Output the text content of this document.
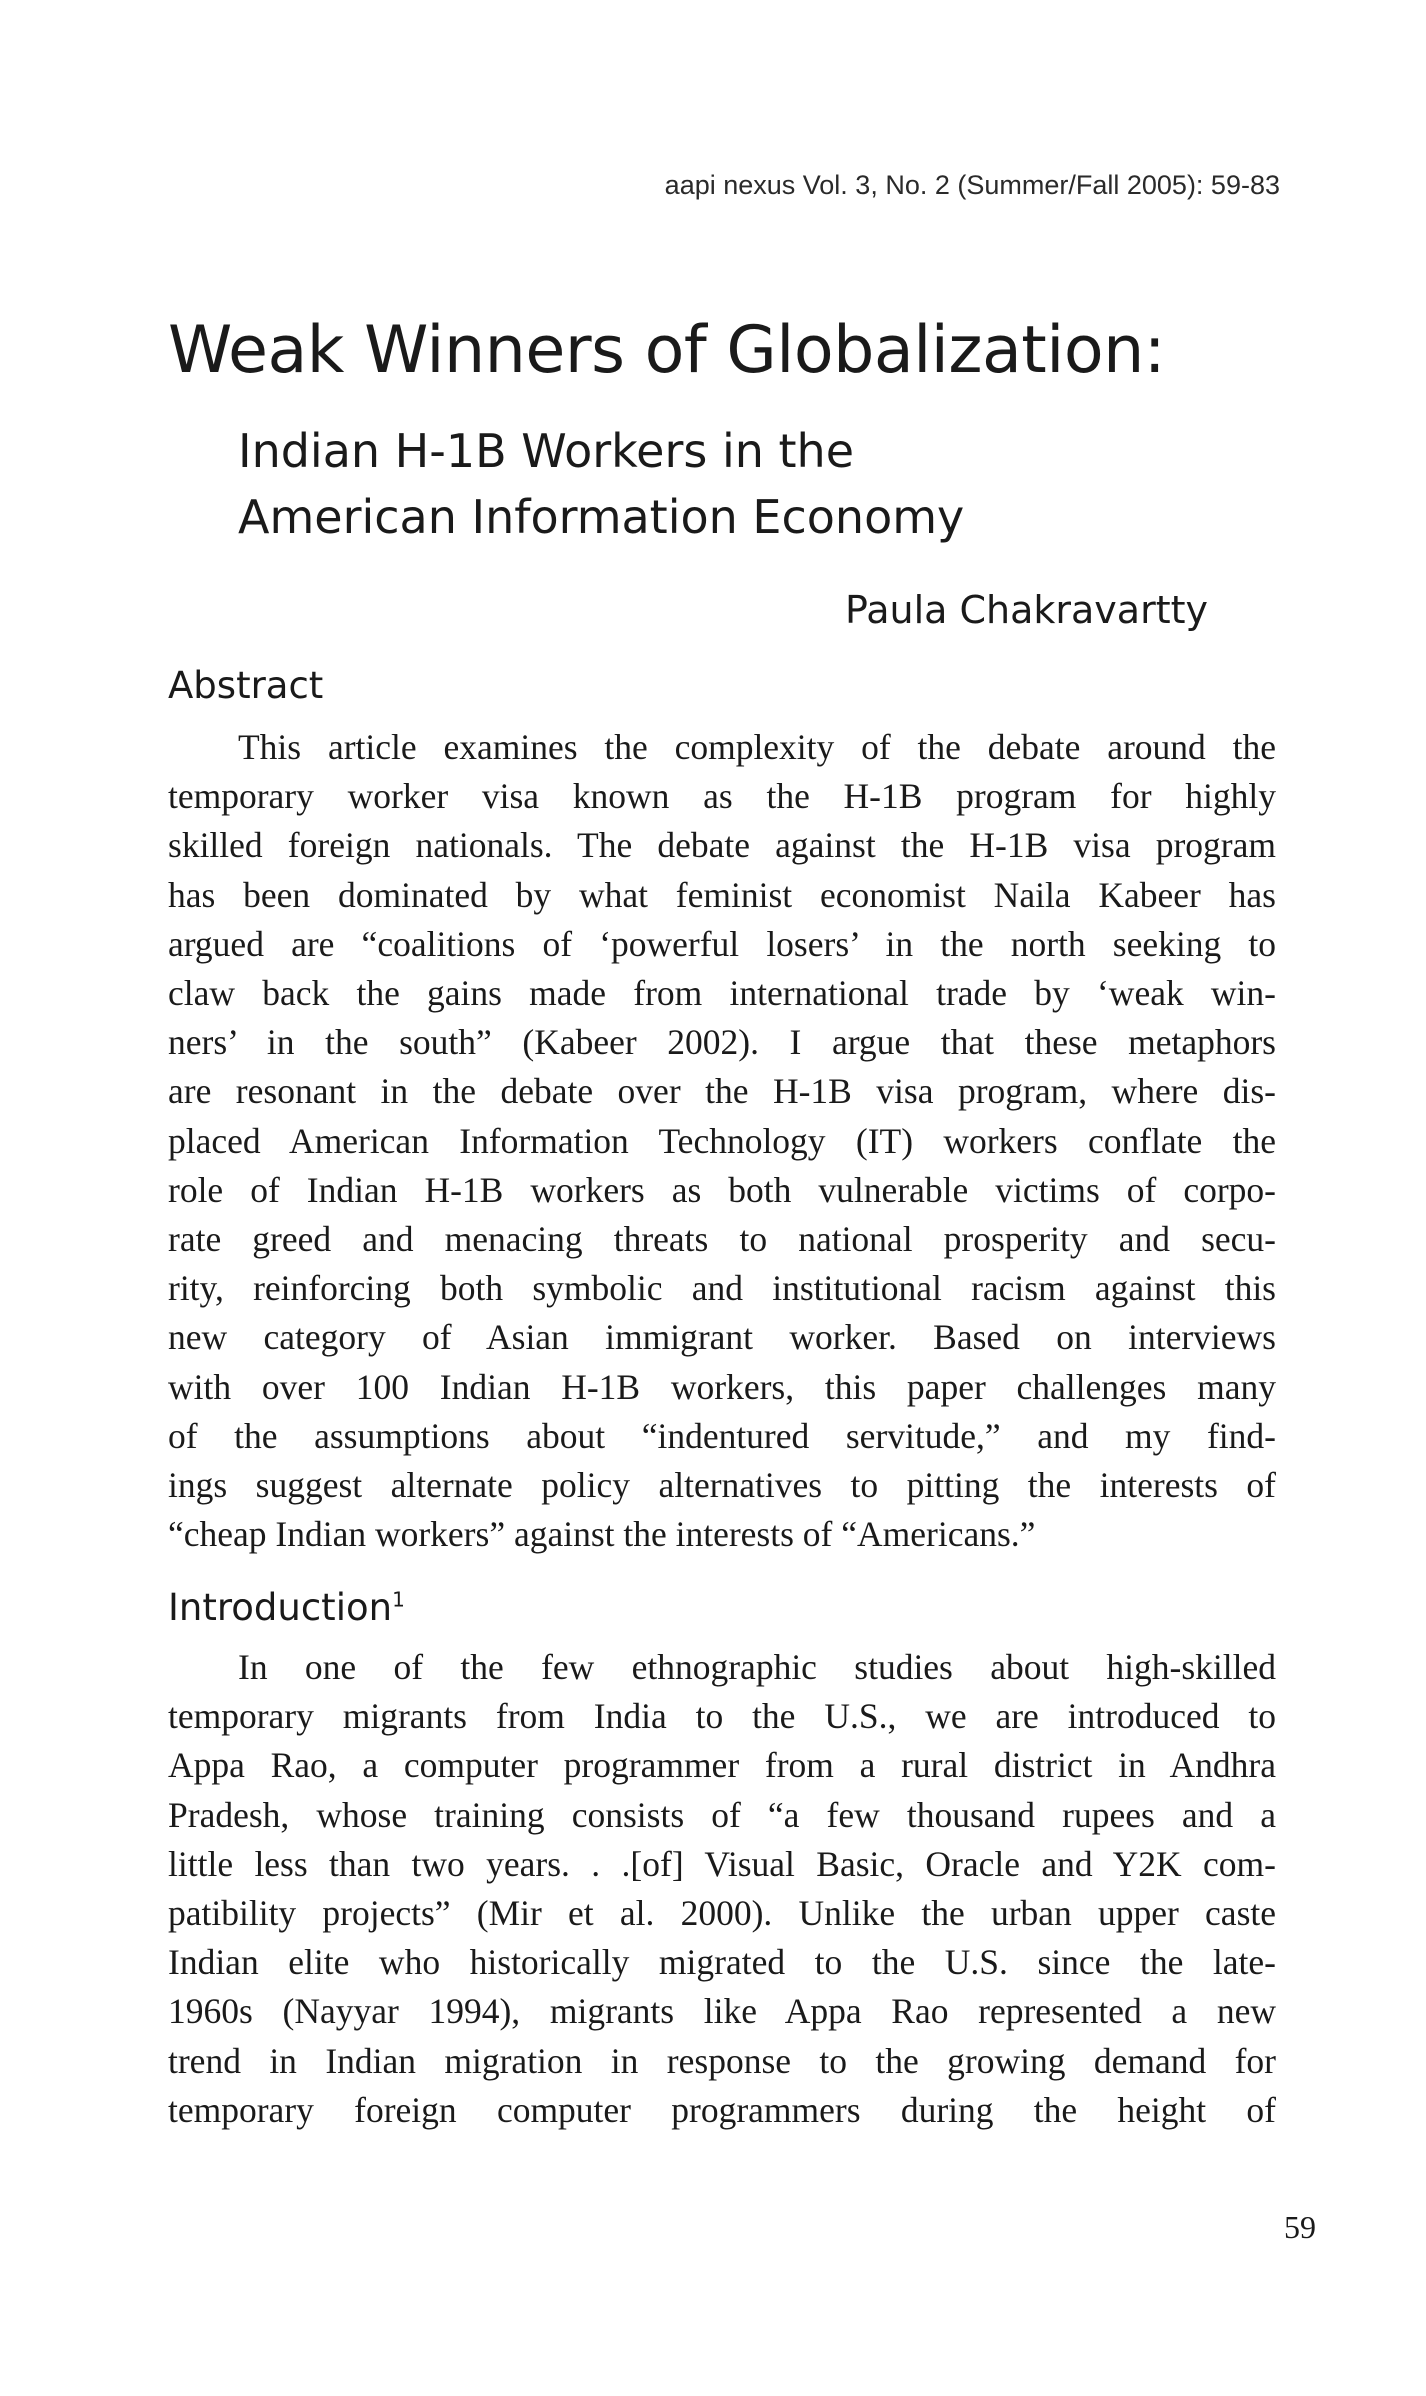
aapi nexus Vol. 3, No. 2 (Summer/Fall 2005): 59-83
Weak Winners of Globalization:
Indian H-1B Workers in the
American Information Economy
Paula Chakravartty
Abstract
This article examines the complexity of the debate around the
temporary worker visa known as the H-1B program for highly
skilled foreign nationals. The debate against the H-1B visa program
has been dominated by what feminist economist Naila Kabeer has
argued are “coalitions of ‘powerful losers’ in the north seeking to
claw back the gains made from international trade by ‘weak win-
ners’ in the south” (Kabeer 2002). I argue that these metaphors
are resonant in the debate over the H-1B visa program, where dis-
placed American Information Technology (IT) workers conflate the
role of Indian H-1B workers as both vulnerable victims of corpo-
rate greed and menacing threats to national prosperity and secu-
rity, reinforcing both symbolic and institutional racism against this
new category of Asian immigrant worker. Based on interviews
with over 100 Indian H-1B workers, this paper challenges many
of the assumptions about “indentured servitude,” and my find-
ings suggest alternate policy alternatives to pitting the interests of
“cheap Indian workers” against the interests of “Americans.”
Introduction$^1$
In one of the few ethnographic studies about high-skilled
temporary migrants from India to the U.S., we are introduced to
Appa Rao, a computer programmer from a rural district in Andhra
Pradesh, whose training consists of “a few thousand rupees and a
little less than two years. . .[of] Visual Basic, Oracle and Y2K com-
patibility projects” (Mir et al. 2000). Unlike the urban upper caste
Indian elite who historically migrated to the U.S. since the late-
1960s (Nayyar 1994), migrants like Appa Rao represented a new
trend in Indian migration in response to the growing demand for
temporary foreign computer programmers during the height of
59
